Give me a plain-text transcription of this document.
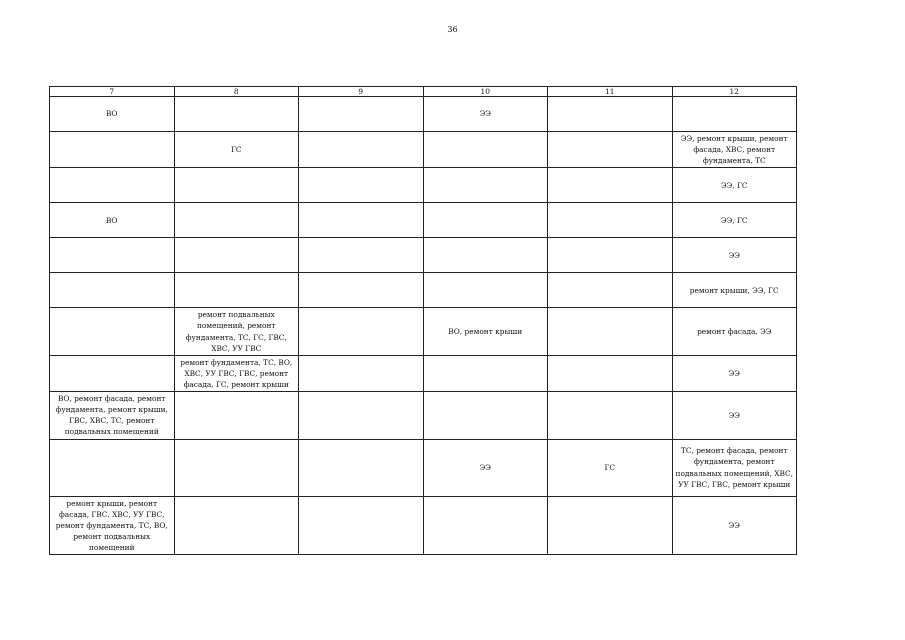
36
7	8	9	10	11	12
ВО			ЭЭ		
	ГС				ЭЭ, ремонт крыши, ремонт фасада, ХВС, ремонт фундамента, ТС
					ЭЭ, ГС
ВО					ЭЭ, ГС
					ЭЭ
					ремонт крыши, ЭЭ, ГС
	ремонт подвальных помещений, ремонт фундамента, ТС, ГС, ГВС, ХВС, УУ ГВС		ВО, ремонт крыши		ремонт фасада, ЭЭ
	ремонт фундамента, ТС, ВО, ХВС, УУ ГВС, ГВС, ремонт фасада, ГС, ремонт крыши				ЭЭ
ВО, ремонт фасада, ремонт фундамента, ремонт крыши, ГВС, ХВС, ТС, ремонт подвальных помещений					ЭЭ
			ЭЭ	ГС	ТС, ремонт фасада, ремонт фундамента, ремонт подвальных помещений, ХВС, УУ ГВС, ГВС, ремонт крыши
ремонт крыши, ремонт фасада, ГВС, ХВС, УУ ГВС, ремонт фундамента, ТС, ВО, ремонт подвальных помещений					ЭЭ
